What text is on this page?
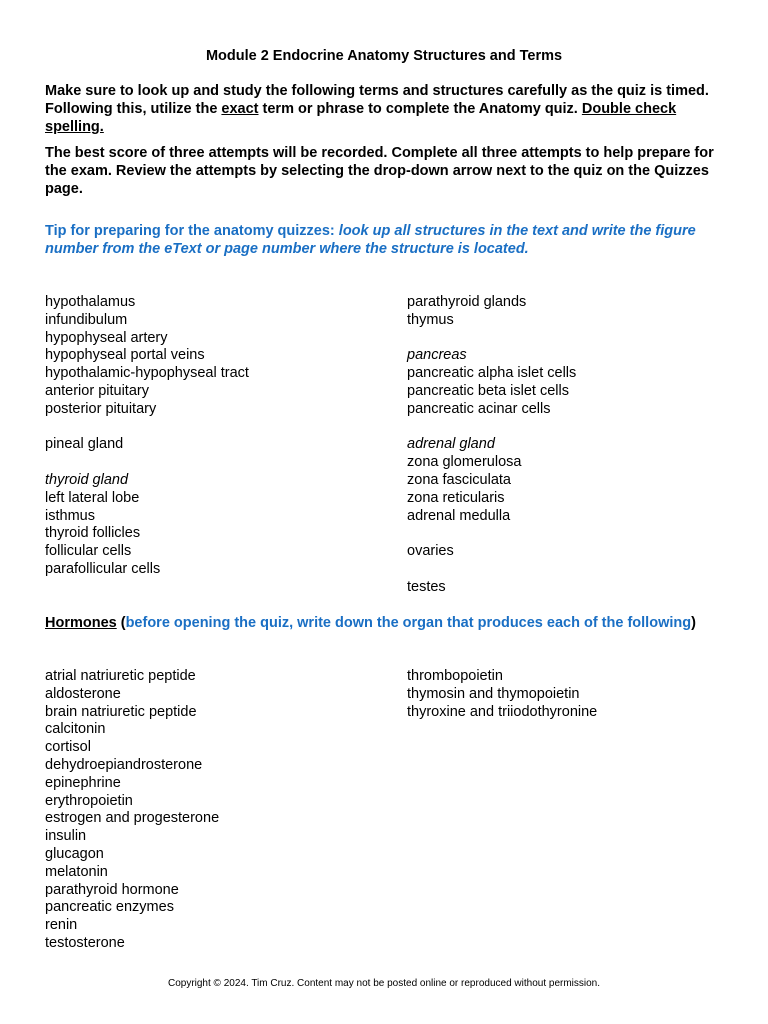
Module 2 Endocrine Anatomy Structures and Terms
Make sure to look up and study the following terms and structures carefully as the quiz is timed. Following this, utilize the exact term or phrase to complete the Anatomy quiz. Double check spelling.
The best score of three attempts will be recorded. Complete all three attempts to help prepare for the exam. Review the attempts by selecting the drop-down arrow next to the quiz on the Quizzes page.
Tip for preparing for the anatomy quizzes: look up all structures in the text and write the figure number from the eText or page number where the structure is located.
hypothalamus
infundibulum
hypophyseal artery
hypophyseal portal veins
hypothalamic-hypophyseal tract
anterior pituitary
posterior pituitary
pineal gland
thyroid gland
left lateral lobe
isthmus
thyroid follicles
follicular cells
parafollicular cells
parathyroid glands
thymus
pancreas
pancreatic alpha islet cells
pancreatic beta islet cells
pancreatic acinar cells
adrenal gland
zona glomerulosa
zona fasciculata
zona reticularis
adrenal medulla
ovaries
testes
Hormones (before opening the quiz, write down the organ that produces each of the following)
atrial natriuretic peptide
aldosterone
brain natriuretic peptide
calcitonin
cortisol
dehydroepiandrosterone
epinephrine
erythropoietin
estrogen and progesterone
insulin
glucagon
melatonin
parathyroid hormone
pancreatic enzymes
renin
testosterone
thrombopoietin
thymosin and thymopoietin
thyroxine and triiodothyronine
Copyright © 2024. Tim Cruz. Content may not be posted online or reproduced without permission.
